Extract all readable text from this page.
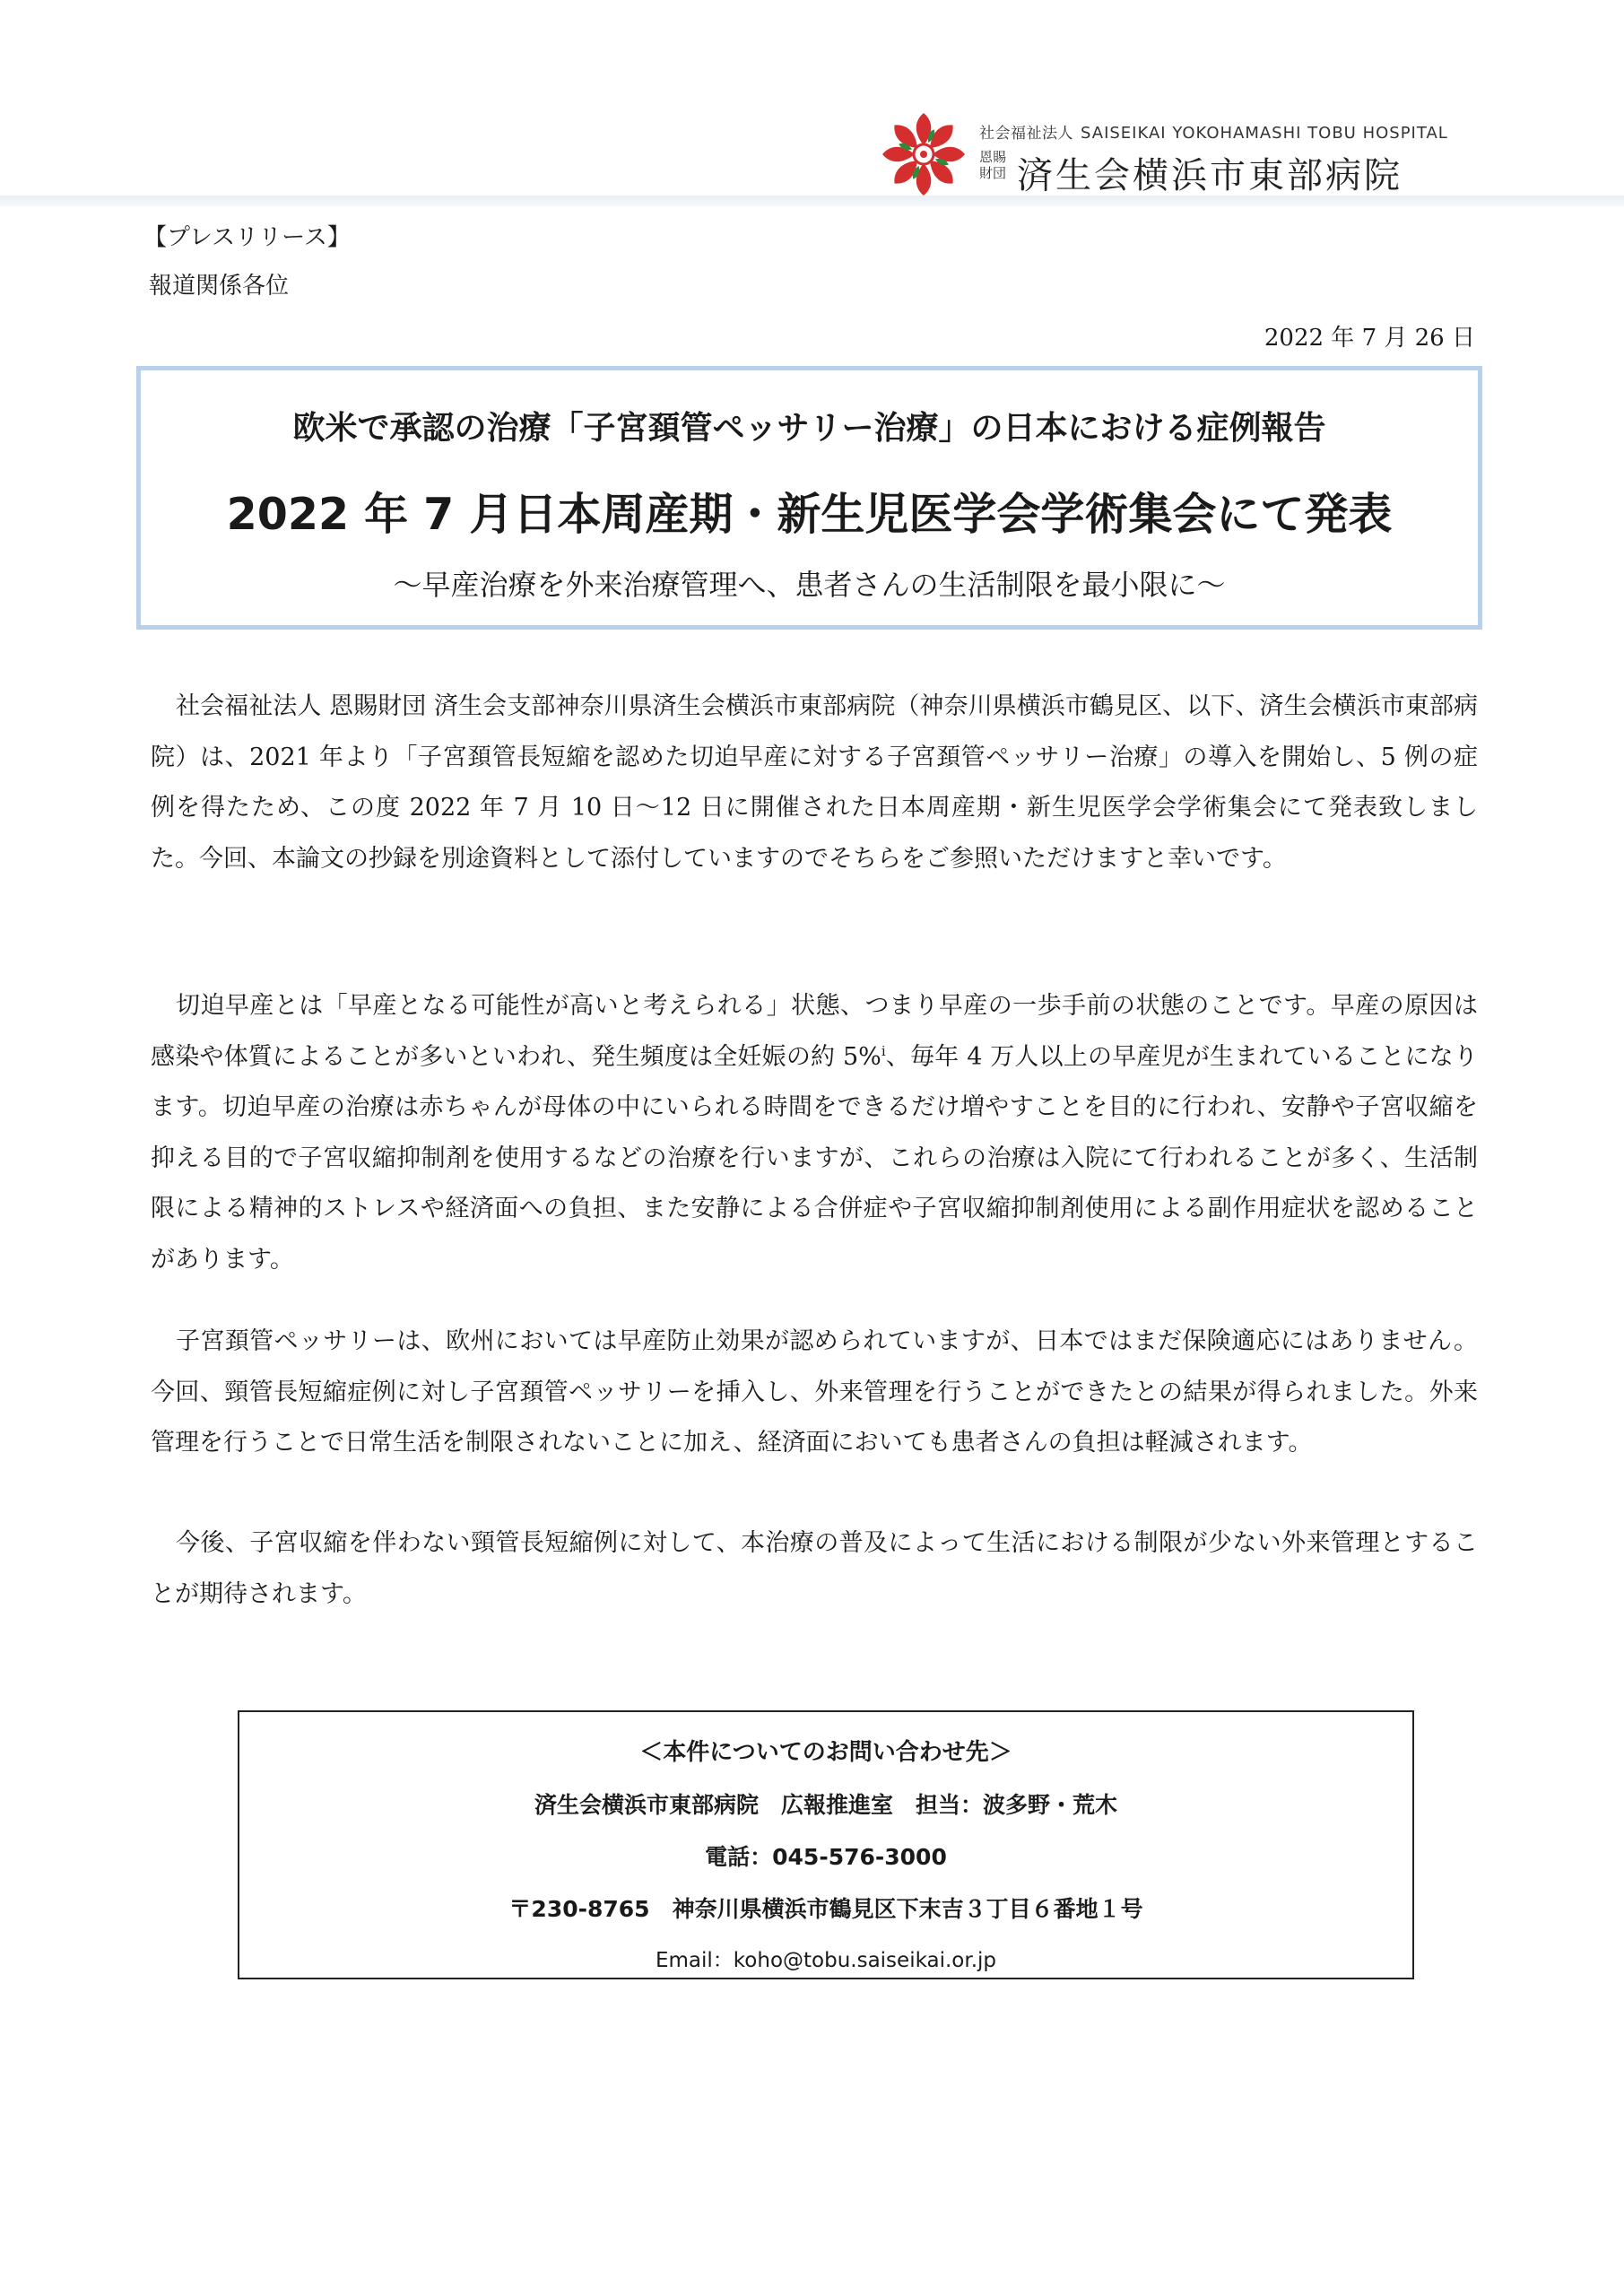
社会福祉法人 SAISEIKAI YOKOHAMASHI TOBU HOSPITAL
恩賜
財団 済生会横浜市東部病院
【プレスリリース】
報道関係各位
2022 年 7 月 26 日
欧米で承認の治療「子宮頚管ペッサリー治療」の日本における症例報告
2022 年 7 月日本周産期・新生児医学会学術集会にて発表
～早産治療を外来治療管理へ、患者さんの生活制限を最小限に～

社会福祉法人 恩賜財団 済生会支部神奈川県済生会横浜市東部病院（神奈川県横浜市鶴見区、以下、済生会横浜市東部病院）は、2021 年より「子宮頚管長短縮を認めた切迫早産に対する子宮頚管ペッサリー治療」の導入を開始し、5 例の症例を得たため、この度 2022 年 7 月 10 日～12 日に開催された日本周産期・新生児医学会学術集会にて発表致しました。今回、本論文の抄録を別途資料として添付していますのでそちらをご参照いただけますと幸いです。

切迫早産とは「早産となる可能性が高いと考えられる」状態、つまり早産の一歩手前の状態のことです。早産の原因は感染や体質によることが多いといわれ、発生頻度は全妊娠の約 5%$^i$、毎年 4 万人以上の早産児が生まれていることになります。切迫早産の治療は赤ちゃんが母体の中にいられる時間をできるだけ増やすことを目的に行われ、安静や子宮収縮を抑える目的で子宮収縮抑制剤を使用するなどの治療を行いますが、これらの治療は入院にて行われることが多く、生活制限による精神的ストレスや経済面への負担、また安静による合併症や子宮収縮抑制剤使用による副作用症状を認めることがあります。

子宮頚管ペッサリーは、欧州においては早産防止効果が認められていますが、日本ではまだ保険適応にはありません。今回、頸管長短縮症例に対し子宮頚管ペッサリーを挿入し、外来管理を行うことができたとの結果が得られました。外来管理を行うことで日常生活を制限されないことに加え、経済面においても患者さんの負担は軽減されます。

今後、子宮収縮を伴わない頸管長短縮例に対して、本治療の普及によって生活における制限が少ない外来管理とすることが期待されます。

＜本件についてのお問い合わせ先＞
済生会横浜市東部病院　広報推進室　担当：波多野・荒木
電話：045-576-3000
〒230-8765　神奈川県横浜市鶴見区下末吉３丁目６番地１号
Email：koho@tobu.saiseikai.or.jp
